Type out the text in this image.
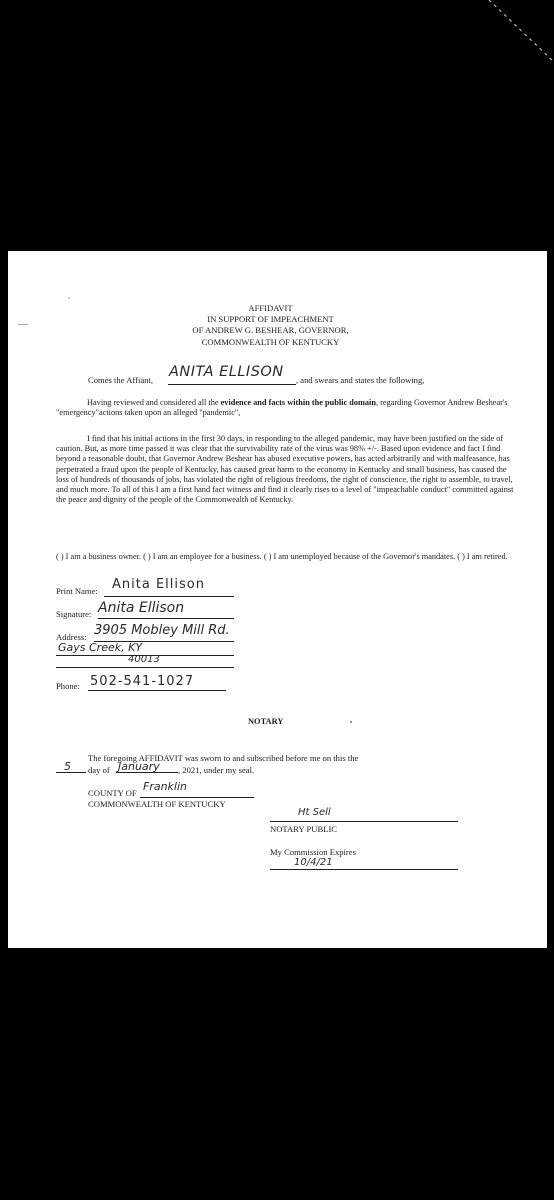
AFFIDAVIT
IN SUPPORT OF IMPEACHMENT
OF ANDREW G. BESHEAR, GOVERNOR,
COMMONWEALTH OF KENTUCKY
Comes the Affiant, ANITA ELLISON , and swears and states the following,
Having reviewed and considered all the evidence and facts within the public domain, regarding Governor Andrew Beshear's "emergency"actions taken upon an alleged "pandemic",
I find that his initial actions in the first 30 days, in responding to the alleged pandemic, may have been justified on the side of caution. But, as more time passed it was clear that the survivability rate of the virus was 98% +/-. Based upon evidence and fact I find beyond a reasonable doubt, that Governor Andrew Beshear has abused executive powers, has acted arbitrarily and with malfeasance, has perpetrated a fraud upon the people of Kentucky, has caused great harm to the economy in Kentucky and small business, has caused the loss of hundreds of thousands of jobs, has violated the right of religious freedoms, the right of conscience, the right to assemble, to travel, and much more. To all of this I am a first hand fact witness and find it clearly rises to a level of "impeachable conduct" committed against the peace and dignity of the people of the Commonwealth of Kentucky.
( ) I am a business owner. ( ) I am an employee for a business. ( ) I am unemployed because of the Governor's mandates. ( ) I am retired.
Print Name: Anita Ellison
Signature: Anita Ellison
Address: 3905 Mobley Mill Rd.
Gays Creek, KY
40013
Phone: 502-541-1027
NOTARY
The foregoing AFFIDAVIT was sworn to and subscribed before me on this the
5 day of January , 2021, under my seal.
COUNTY OF Franklin
COMMONWEALTH OF KENTUCKY
Ht Sell
NOTARY PUBLIC
My Commission Expires
10/4/21
